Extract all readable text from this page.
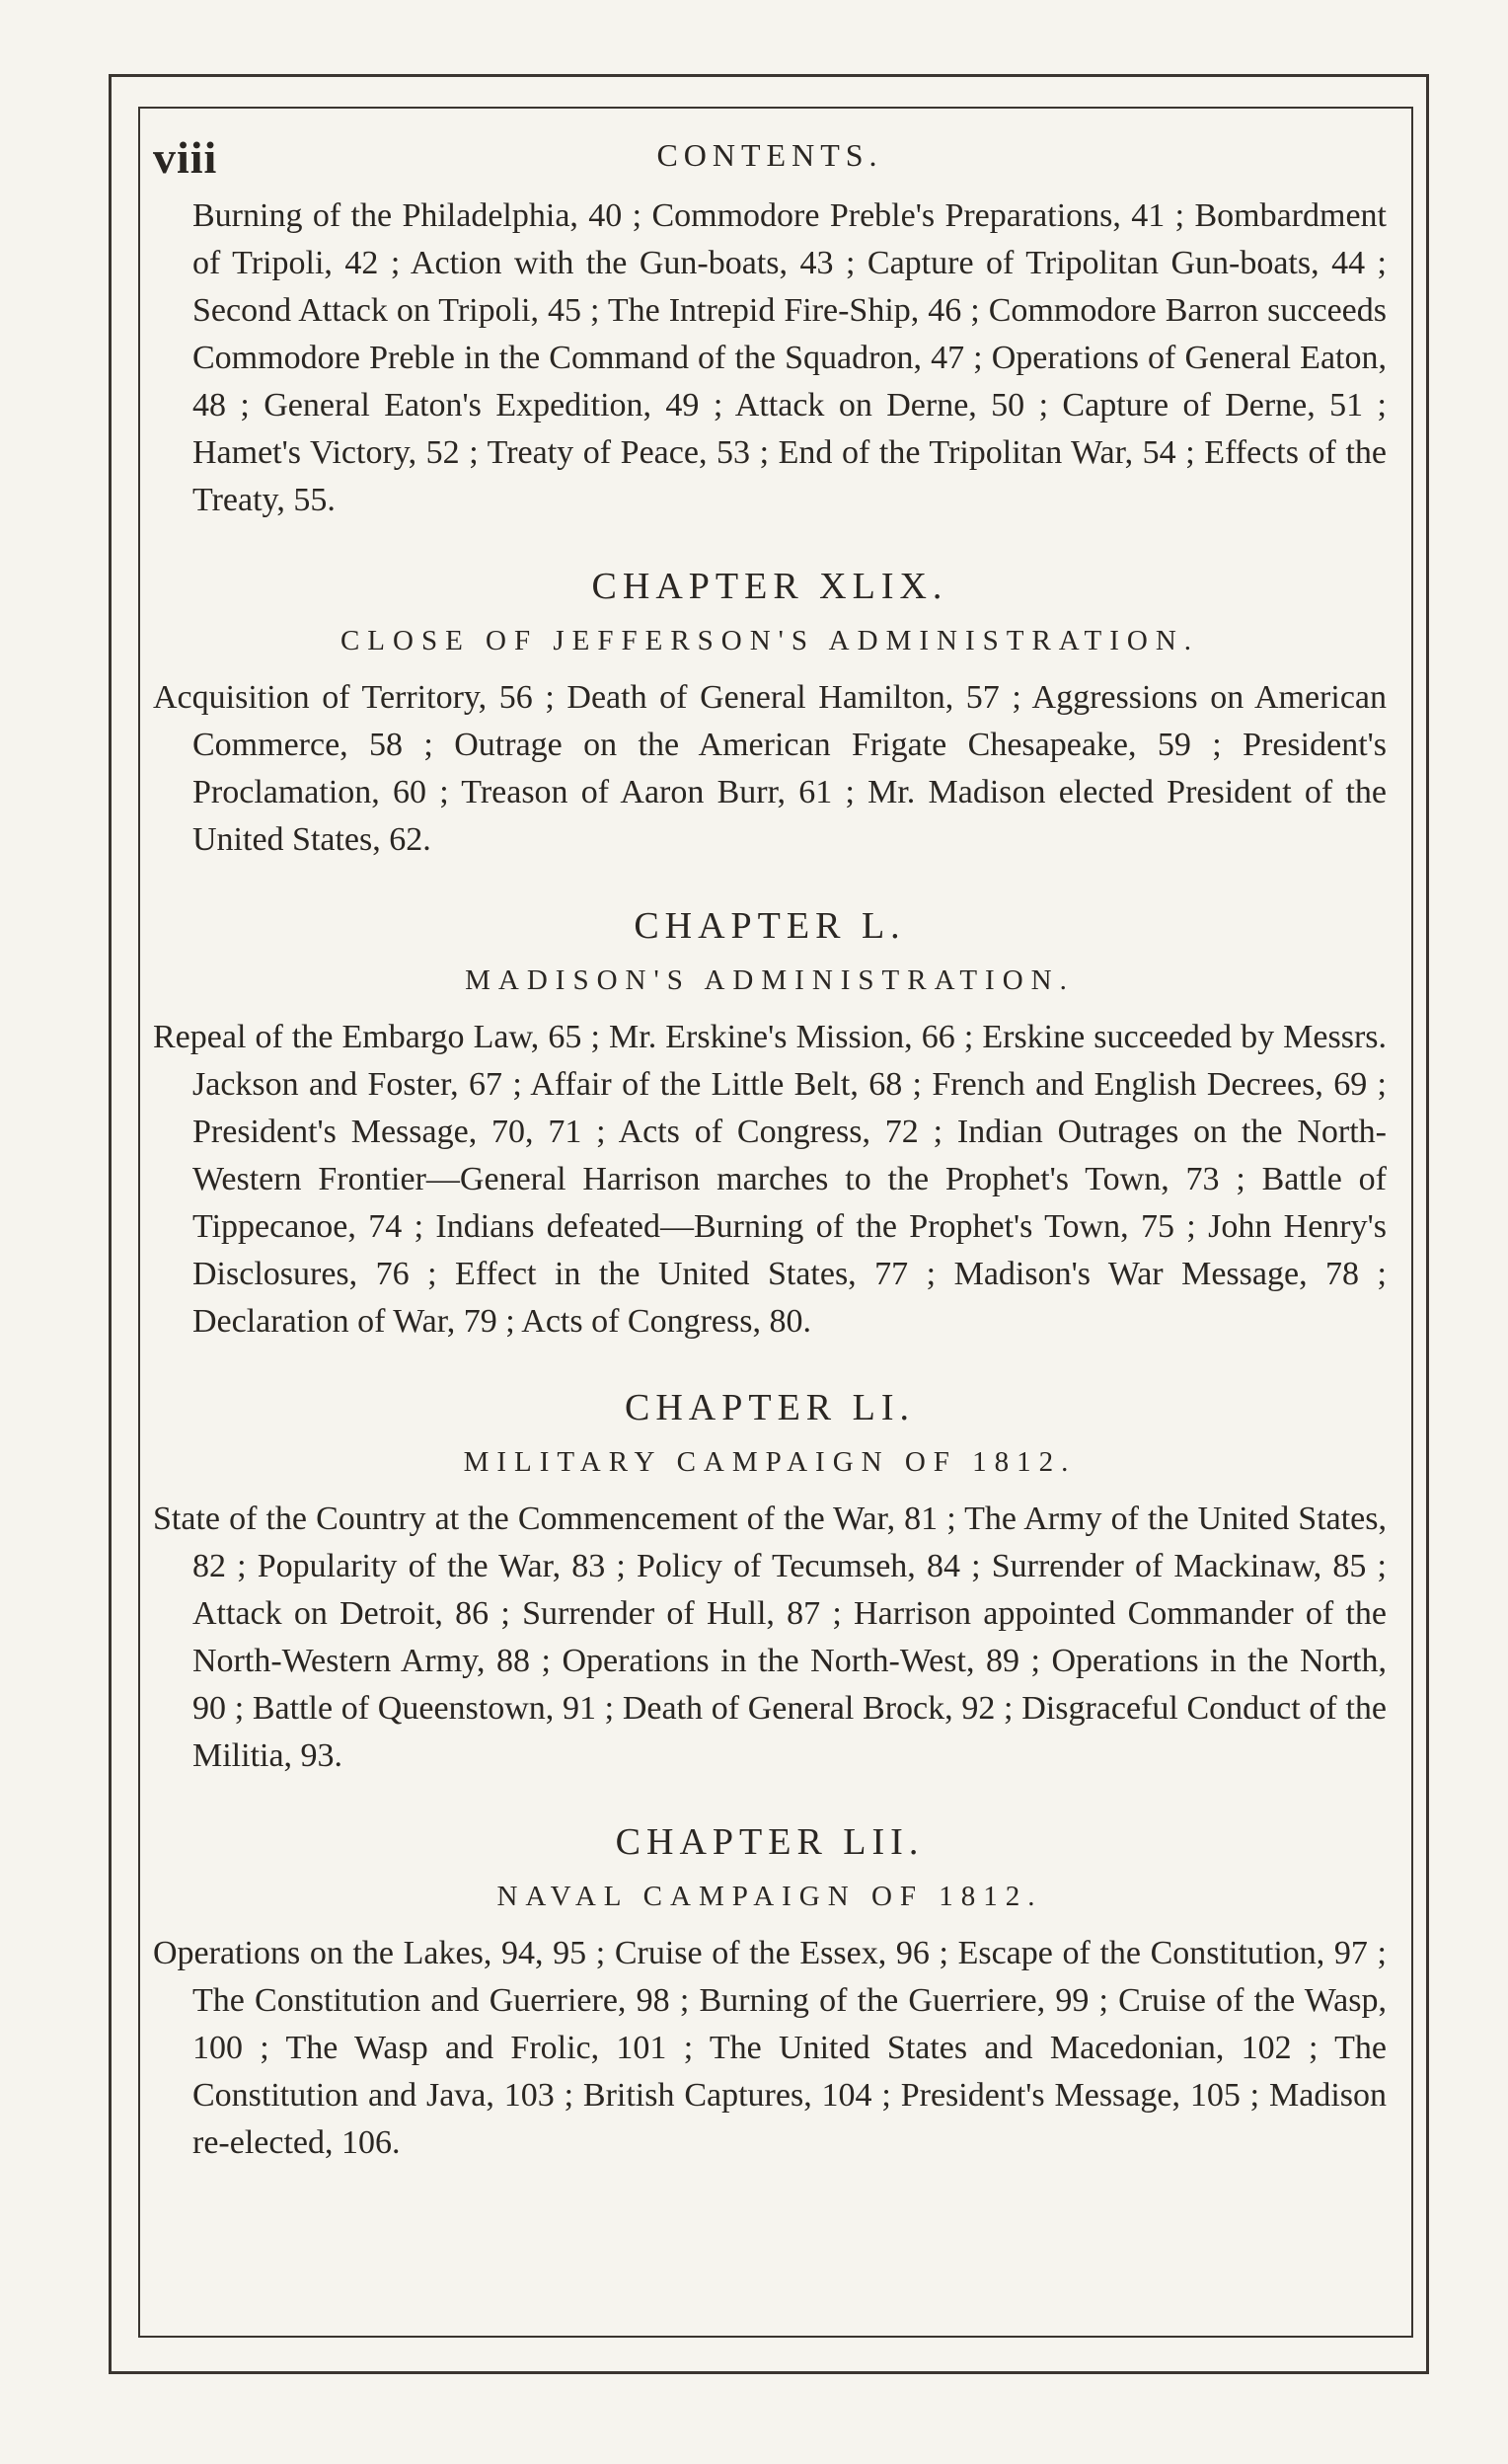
viii	CONTENTS.

Burning of the Philadelphia, 40 ; Commodore Preble's Preparations, 41 ; Bombardment of Tripoli, 42 ; Action with the Gun-boats, 43 ; Capture of Tripolitan Gun-boats, 44 ; Second Attack on Tripoli, 45 ; The Intrepid Fire-Ship, 46 ; Commodore Barron succeeds Commodore Preble in the Command of the Squadron, 47 ; Operations of General Eaton, 48 ; General Eaton's Expedition, 49 ; Attack on Derne, 50 ; Capture of Derne, 51 ; Hamet's Victory, 52 ; Treaty of Peace, 53 ; End of the Tripolitan War, 54 ; Effects of the Treaty, 55.

CHAPTER XLIX.
CLOSE OF JEFFERSON'S ADMINISTRATION.

Acquisition of Territory, 56 ; Death of General Hamilton, 57 ; Aggressions on American Commerce, 58 ; Outrage on the American Frigate Chesapeake, 59 ; President's Proclamation, 60 ; Treason of Aaron Burr, 61 ; Mr. Madison elected President of the United States, 62.

CHAPTER L.
MADISON'S ADMINISTRATION.

Repeal of the Embargo Law, 65 ; Mr. Erskine's Mission, 66 ; Erskine succeeded by Messrs. Jackson and Foster, 67 ; Affair of the Little Belt, 68 ; French and English Decrees, 69 ; President's Message, 70, 71 ; Acts of Congress, 72 ; Indian Outrages on the North-Western Frontier—General Harrison marches to the Prophet's Town, 73 ; Battle of Tippecanoe, 74 ; Indians defeated—Burning of the Prophet's Town, 75 ; John Henry's Disclosures, 76 ; Effect in the United States, 77 ; Madison's War Message, 78 ; Declaration of War, 79 ; Acts of Congress, 80.

CHAPTER LI.
MILITARY CAMPAIGN OF 1812.

State of the Country at the Commencement of the War, 81 ; The Army of the United States, 82 ; Popularity of the War, 83 ; Policy of Tecumseh, 84 ; Surrender of Mackinaw, 85 ; Attack on Detroit, 86 ; Surrender of Hull, 87 ; Harrison appointed Commander of the North-Western Army, 88 ; Operations in the North-West, 89 ; Operations in the North, 90 ; Battle of Queenstown, 91 ; Death of General Brock, 92 ; Disgraceful Conduct of the Militia, 93.

CHAPTER LII.
NAVAL CAMPAIGN OF 1812.

Operations on the Lakes, 94, 95 ; Cruise of the Essex, 96 ; Escape of the Constitution, 97 ; The Constitution and Guerriere, 98 ; Burning of the Guerriere, 99 ; Cruise of the Wasp, 100 ; The Wasp and Frolic, 101 ; The United States and Macedonian, 102 ; The Constitution and Java, 103 ; British Captures, 104 ; President's Message, 105 ; Madison re-elected, 106.
